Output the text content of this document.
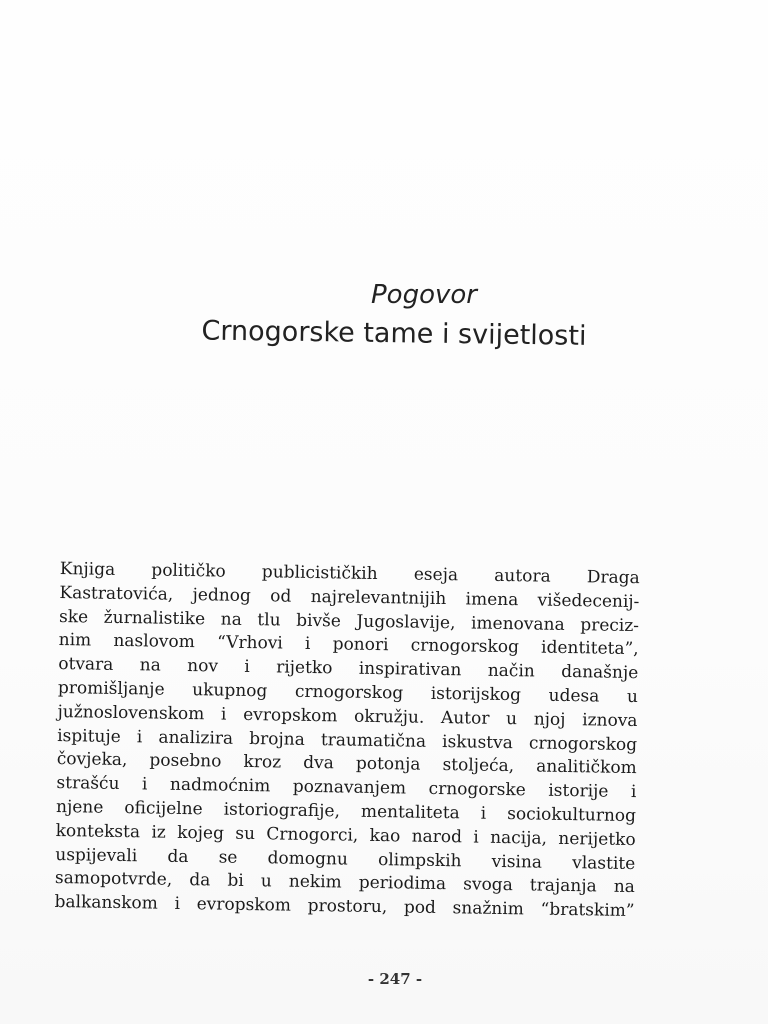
Pogovor
Crnogorske tame i svijetlosti
Knjiga političko publicističkih eseja autora Draga
Kastratovića, jednog od najrelevantnijih imena višedecenij-
ske žurnalistike na tlu bivše Jugoslavije, imenovana preciz-
nim naslovom “Vrhovi i ponori crnogorskog identiteta”,
otvara na nov i rijetko inspirativan način današnje
promišljanje ukupnog crnogorskog istorijskog udesa u
južnoslovenskom i evropskom okružju. Autor u njoj iznova
ispituje i analizira brojna traumatična iskustva crnogorskog
čovjeka, posebno kroz dva potonja stoljeća, analitičkom
strašću i nadmoćnim poznavanjem crnogorske istorije i
njene oficijelne istoriografije, mentaliteta i sociokulturnog
konteksta iz kojeg su Crnogorci, kao narod i nacija, nerijetko
uspijevali da se domognu olimpskih visina vlastite
samopotvrde, da bi u nekim periodima svoga trajanja na
balkanskom i evropskom prostoru, pod snažnim “bratskim”
- 247 -
